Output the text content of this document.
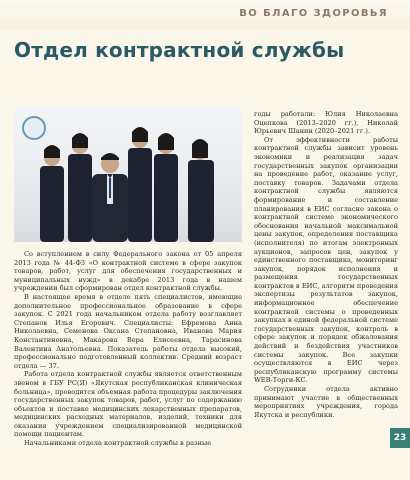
ВО БЛАГО ЗДОРОВЬЯ
Отдел контрактной службы

Со вступлением в силу Федерального закона от 05 апреля 2013 года № 44-ФЗ «О контрактной системе в сфере закупок товаров, работ, услуг для обеспечения государственных и муниципальных нужд» в декабре 2013 года в нашем учреждении был сформирован отдел контрактной службы.

В настоящее время в отделе пять специалистов, имеющие дополнительное профессиональное образование в сфере закупок. С 2021 года начальником отдела работу возглавляет Степанов Илья Егорович. Специалисты: Ефремова Анна Николаевна, Семенова Оксана Степановна, Иванова Мария Константиновна, Макарова Вера Елисеевна, Тарасинова Валентина Анатольевна. Показатель работы отдела высокий, профессионально подготовленный коллектив. Средний возраст отдела — 37.

Работа отдела контрактной службы является ответственным звеном в ГБУ РС(Я) «Якутская республиканская клиническая больница», проводится объемная работа процедуры заключения государственных закупок товаров, работ, услуг по содержанию объектов и поставке медицинских лекарственных препаратов, медицинских расходных материалов, изделий, техники для оказания учреждением специализированной медицинской помощи пациентам.

Начальниками отдела контрактной службы в разные

годы работали: Юлия Николаевна Оцепкова (2013–2020 гг.), Николай Юрьевич Шанин (2020–2021 гг.).

От эффективности работы контрактной службы зависит уровень экономики и реализация задач государственных закупок организации на проведение работ, оказание услуг, поставку товаров. Задачами отдела контрактной службы являются формирование и составление планирования в ЕИС согласно закона о контрактной системе экономического обоснования начальной максимальной цены закупок, определения поставщика (исполнителя) по итогам электронных аукционов, запросов цен, закупок у единственного поставщика, мониторинг закупок, порядок исполнения и размещения государственных контрактов в ЕИС, алгоритм проведения экспертизы результатов закупок, информационное обеспечение контрактной системы о проведенных закупках в единой федеральной системе государственных закупок, контроль в сфере закупок и порядок обжалования действий и бездействия участников системы закупок. Все закупки осуществляются в ЕИС через республиканскую программу системы WEB-Торги-КС.

Сотрудники отдела активно принимают участие в общественных мероприятиях учреждения, города Якутска и республики.

23
